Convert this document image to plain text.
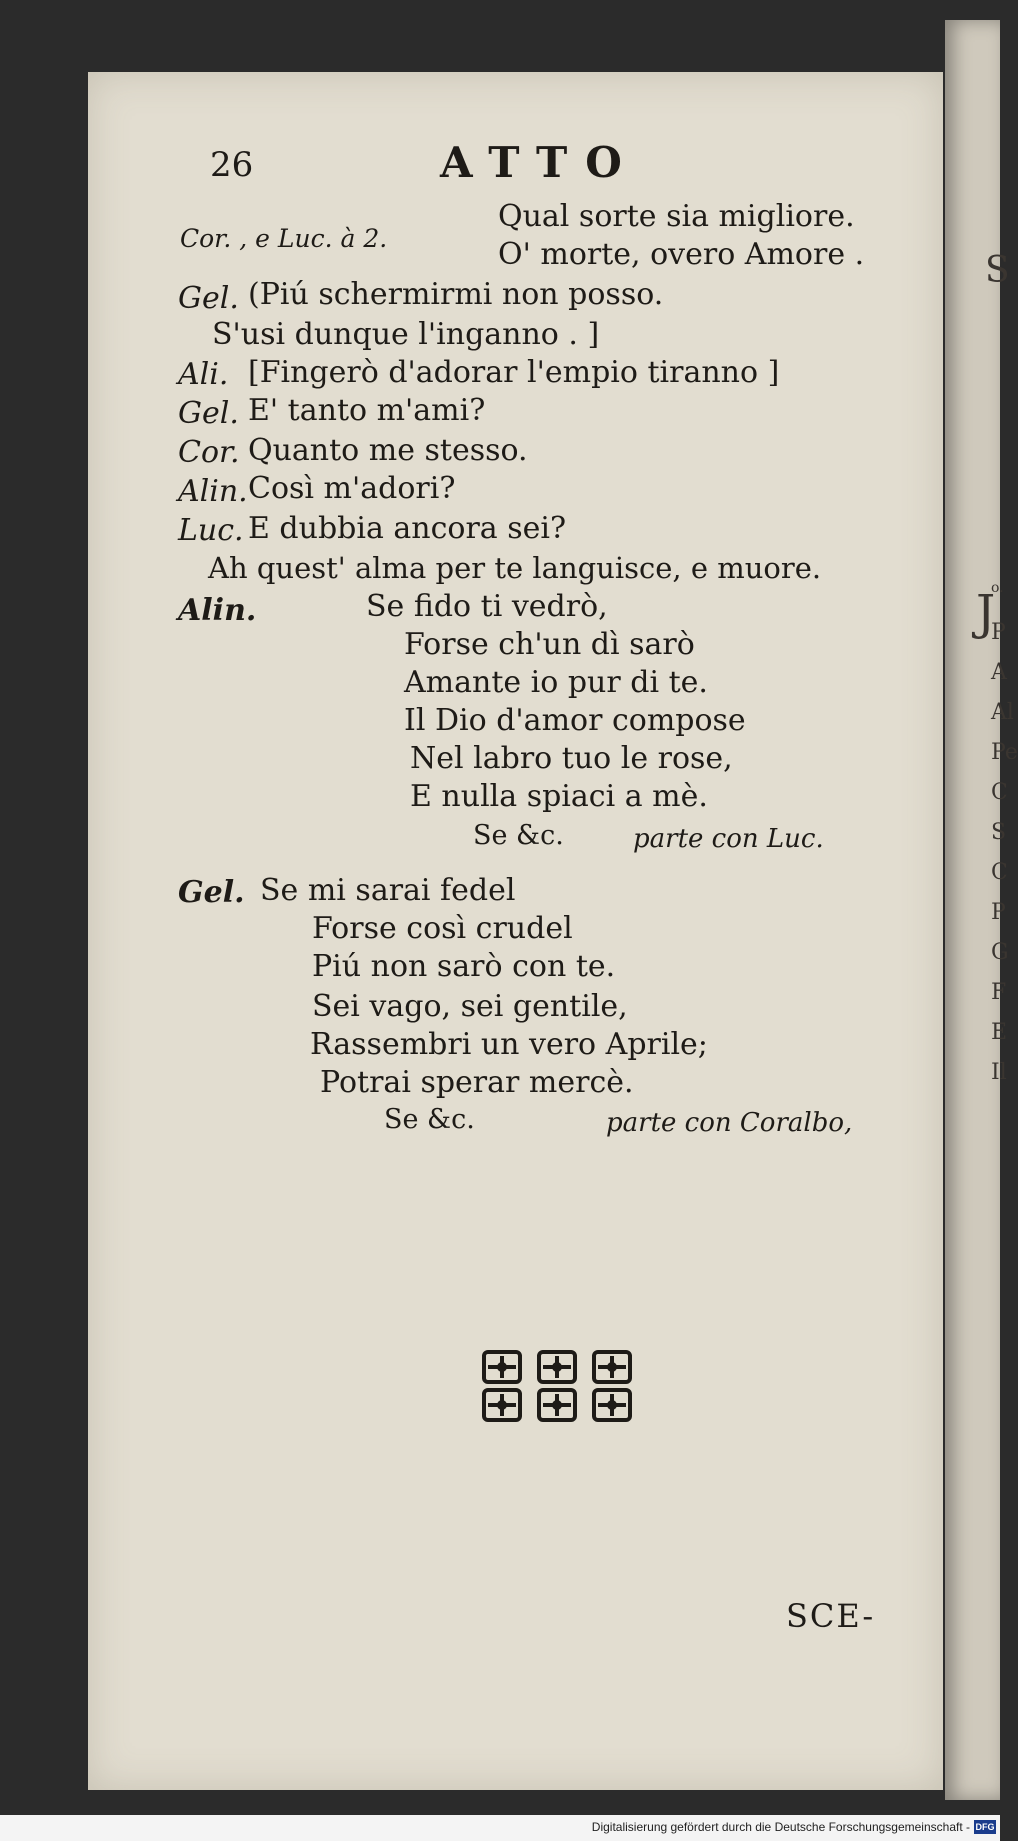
26	ATTO
Cor. , e Luc. à 2.
Qual sorte sia migliore.
O' morte, overo Amore .
Gel. (Piú schermirmi non posso.
S'usi dunque l'inganno . ]
Ali. [Fingerò d'adorar l'empio tiranno ]
Gel. E' tanto m'ami?
Cor. Quanto me stesso.
Alin. Così m'adori?
Luc. E dubbia ancora sei?
Ah quest' alma per te languisce, e muore.
Alin.	Se fido ti vedrò,
Forse ch'un dì sarò
Amante io pur di te.
Il Dio d'amor compose
Nel labro tuo le rose,
E nulla spiaci a mè.
Se &c.	parte con Luc.
Gel. Se mi sarai fedel
Forse così crudel
Piú non sarò con te.
Sei vago, sei gentile,
Rassembri un vero Aprile;
Potrai sperar mercè.
Se &c.	parte con Coralbo,
SCE-
S
J
o.
P
A
Al
Pe
C
S
C
P
G
F
E
Il
Digitalisierung gefördert durch die Deutsche Forschungsgemeinschaft - DFG
